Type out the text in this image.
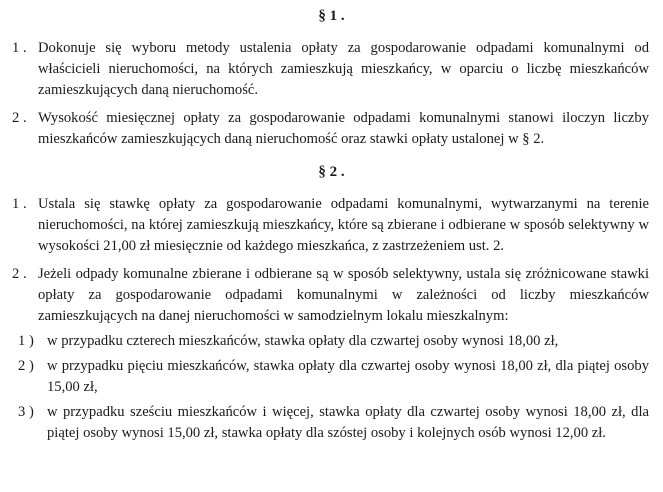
§ 1 .
1 . Dokonuje się wyboru metody ustalenia opłaty za gospodarowanie odpadami komunalnymi od właścicieli nieruchomości, na których zamieszkują mieszkańcy, w oparciu o liczbę mieszkańców zamieszkujących daną nieruchomość.

2 . Wysokość miesięcznej opłaty za gospodarowanie odpadami komunalnymi stanowi iloczyn liczby mieszkańców zamieszkujących daną nieruchomość oraz stawki opłaty ustalonej w § 2.

§ 2 .
1 . Ustala się stawkę opłaty za gospodarowanie odpadami komunalnymi, wytwarzanymi na terenie nieruchomości, na której zamieszkują mieszkańcy, które są zbierane i odbierane w sposób selektywny w wysokości 21,00 zł miesięcznie od każdego mieszkańca, z zastrzeżeniem ust. 2.

2 . Jeżeli odpady komunalne zbierane i odbierane są w sposób selektywny, ustala się zróżnicowane stawki opłaty za gospodarowanie odpadami komunalnymi w zależności od liczby mieszkańców zamieszkujących na danej nieruchomości w samodzielnym lokalu mieszkalnym:

1 ) w przypadku czterech mieszkańców, stawka opłaty dla czwartej osoby wynosi 18,00 zł,

2 ) w przypadku pięciu mieszkańców, stawka opłaty dla czwartej osoby wynosi 18,00 zł, dla piątej osoby 15,00 zł,

3 ) w przypadku sześciu mieszkańców i więcej, stawka opłaty dla czwartej osoby wynosi 18,00 zł, dla piątej osoby wynosi 15,00 zł, stawka opłaty dla szóstej osoby i kolejnych osób wynosi 12,00 zł.
